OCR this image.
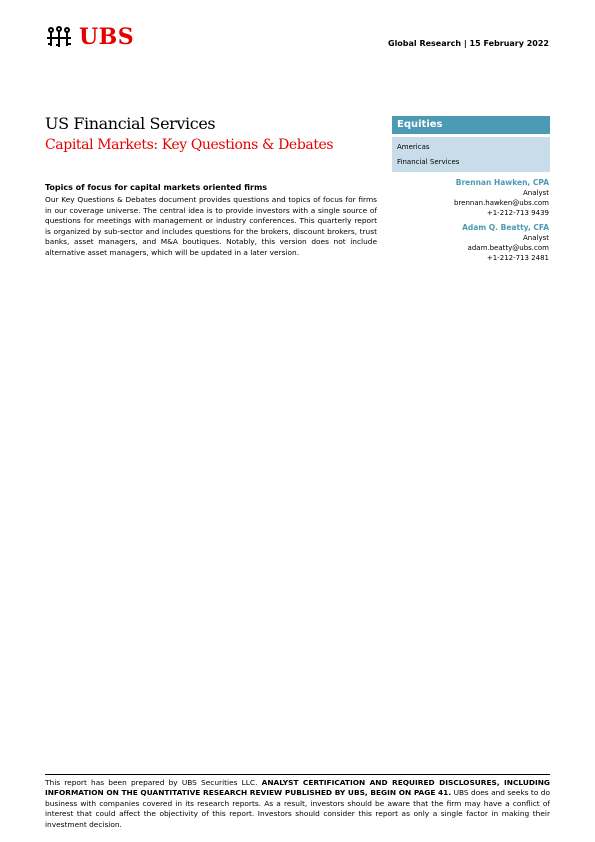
UBS	Global Research | 15 February 2022
US Financial Services
Capital Markets: Key Questions & Debates
Equities
Americas
Financial Services
Brennan Hawken, CPA
Analyst
brennan.hawken@ubs.com
+1-212-713 9439
Adam Q. Beatty, CFA
Analyst
adam.beatty@ubs.com
+1-212-713 2481
Topics of focus for capital markets oriented firms
Our Key Questions & Debates document provides questions and topics of focus for firms in our coverage universe. The central idea is to provide investors with a single source of questions for meetings with management or industry conferences. This quarterly report is organized by sub-sector and includes questions for the brokers, discount brokers, trust banks, asset managers, and M&A boutiques. Notably, this version does not include alternative asset managers, which will be updated in a later version.
This report has been prepared by UBS Securities LLC. ANALYST CERTIFICATION AND REQUIRED DISCLOSURES, INCLUDING INFORMATION ON THE QUANTITATIVE RESEARCH REVIEW PUBLISHED BY UBS, BEGIN ON PAGE 41. UBS does and seeks to do business with companies covered in its research reports. As a result, investors should be aware that the firm may have a conflict of interest that could affect the objectivity of this report. Investors should consider this report as only a single factor in making their investment decision.
